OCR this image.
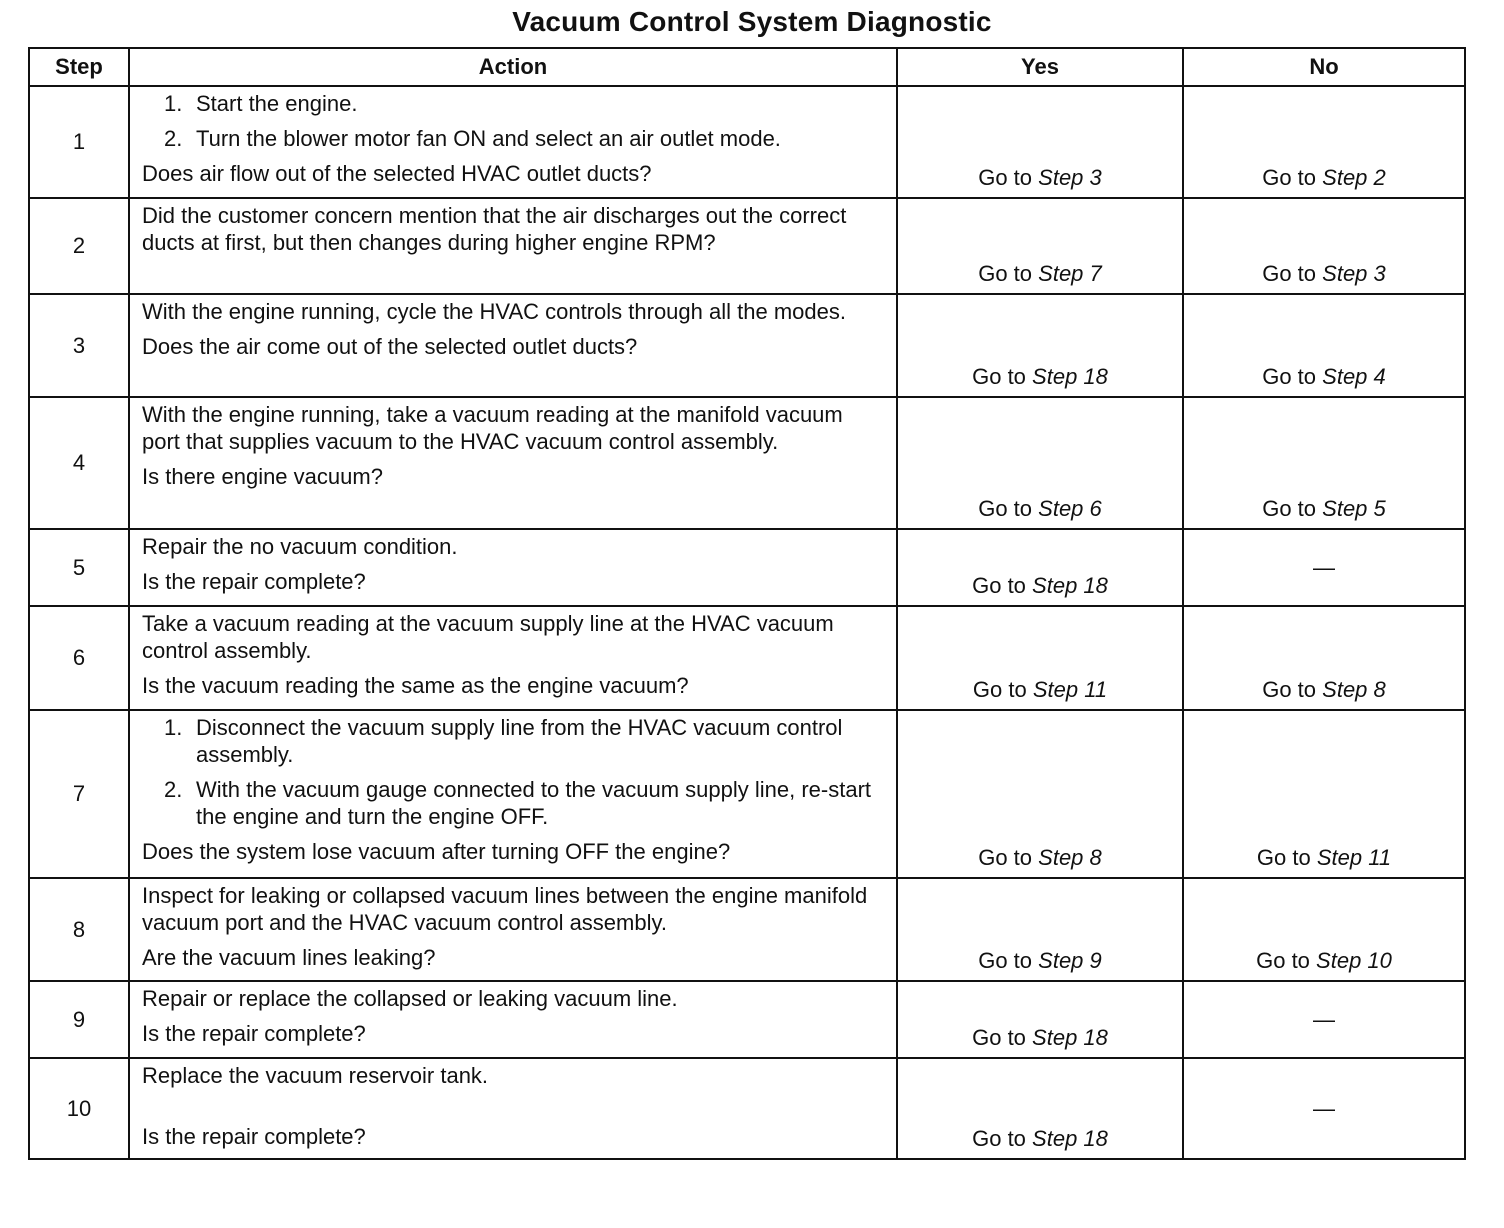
Vacuum Control System Diagnostic
Step	Action	Yes	No
1	1. Start the engine.
2. Turn the blower motor fan ON and select an air outlet mode.
Does air flow out of the selected HVAC outlet ducts?	Go to Step 3	Go to Step 2
2	Did the customer concern mention that the air discharges out the correct ducts at first, but then changes during higher engine RPM?	Go to Step 7	Go to Step 3
3	With the engine running, cycle the HVAC controls through all the modes.
Does the air come out of the selected outlet ducts?	Go to Step 18	Go to Step 4
4	With the engine running, take a vacuum reading at the manifold vacuum port that supplies vacuum to the HVAC vacuum control assembly.
Is there engine vacuum?	Go to Step 6	Go to Step 5
5	Repair the no vacuum condition.
Is the repair complete?	Go to Step 18	—
6	Take a vacuum reading at the vacuum supply line at the HVAC vacuum control assembly.
Is the vacuum reading the same as the engine vacuum?	Go to Step 11	Go to Step 8
7	1. Disconnect the vacuum supply line from the HVAC vacuum control assembly.
2. With the vacuum gauge connected to the vacuum supply line, re-start the engine and turn the engine OFF.
Does the system lose vacuum after turning OFF the engine?	Go to Step 8	Go to Step 11
8	Inspect for leaking or collapsed vacuum lines between the engine manifold vacuum port and the HVAC vacuum control assembly.
Are the vacuum lines leaking?	Go to Step 9	Go to Step 10
9	Repair or replace the collapsed or leaking vacuum line.
Is the repair complete?	Go to Step 18	—
10	Replace the vacuum reservoir tank.
Is the repair complete?	Go to Step 18	—
